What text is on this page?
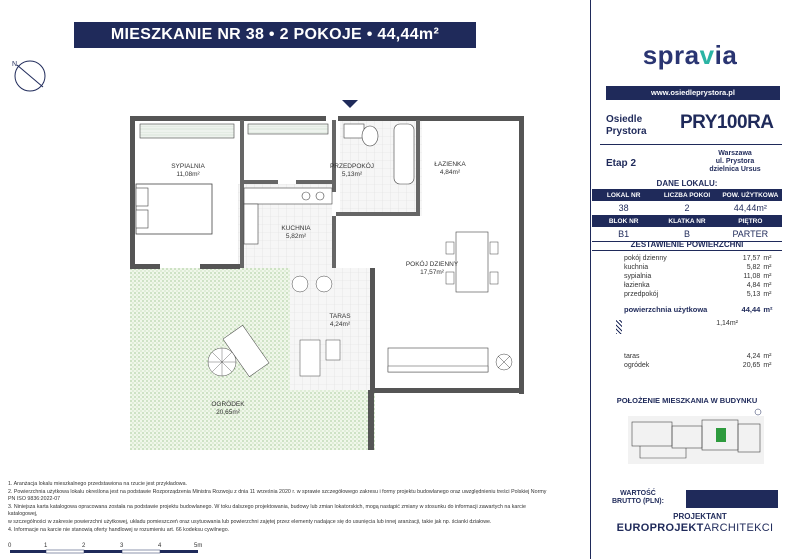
MIESZKANIE NR 38 • 2 POKOJE • 44,44m²
N
SYPIALNIA
11,08m²
PRZEDPOKÓJ
5,13m²
ŁAZIENKA
4,84m²
KUCHNIA
5,82m²
POKÓJ DZIENNY
17,57m²
TARAS
4,24m²
OGRÓDEK
20,65m²
spravia
www.osiedleprystora.pl
Osiedle
Prystora PRY100RA
Etap 2
Warszawa
ul. Prystora
dzielnica Ursus
DANE LOKALU:
LOKAL NR	LICZBA POKOI	POW. UŻYTKOWA
38	2	44,44m²
BLOK NR	KLATKA NR	PIĘTRO
B1	B	PARTER
ZESTAWIENIE POWIERZCHNI
pokój dzienny	17,57 m²
kuchnia	5,82 m²
sypialnia	11,08 m²
łazienka	4,84 m²
przedpokój	5,13 m²
powierzchnia użytkowa	44,44 m²
1,14m²
taras	4,24 m²
ogródek	20,65 m²
POŁOŻENIE MIESZKANIA W BUDYNKU
1. Aranżacja lokalu mieszkalnego przedstawiona na rzucie jest przykładowa.
2. Powierzchnia użytkowa lokalu określona jest na podstawie Rozporządzenia Ministra Rozwoju z dnia 11 września 2020 r. w sprawie szczegółowego zakresu i formy projektu budowlanego oraz uwzględnieniu treści Polskiej Normy PN ISO 9836:2022-07
3. Niniejsza karta katalogowa opracowana została na podstawie projektu budowlanego. W toku dalszego projektowania, budowy lub zmian lokatorskich, mogą nastąpić zmiany w stosunku do informacji zawartych na karcie katalogowej,
w szczególności w zakresie powierzchni użytkowej, układu pomieszczeń oraz usytuowania lub powierzchni zajętej przez elementy nadające się do usunięcia lub innej aranżacji, takie jak np. ścianki działowe.
4. Informacje na karcie nie stanowią oferty handlowej w rozumieniu art. 66 kodeksu cywilnego.
0	1	2	3	4	5m
WARTOŚĆ
BRUTTO (PLN):
PROJEKTANT
EUROPROJEKTARCHITEKCI
